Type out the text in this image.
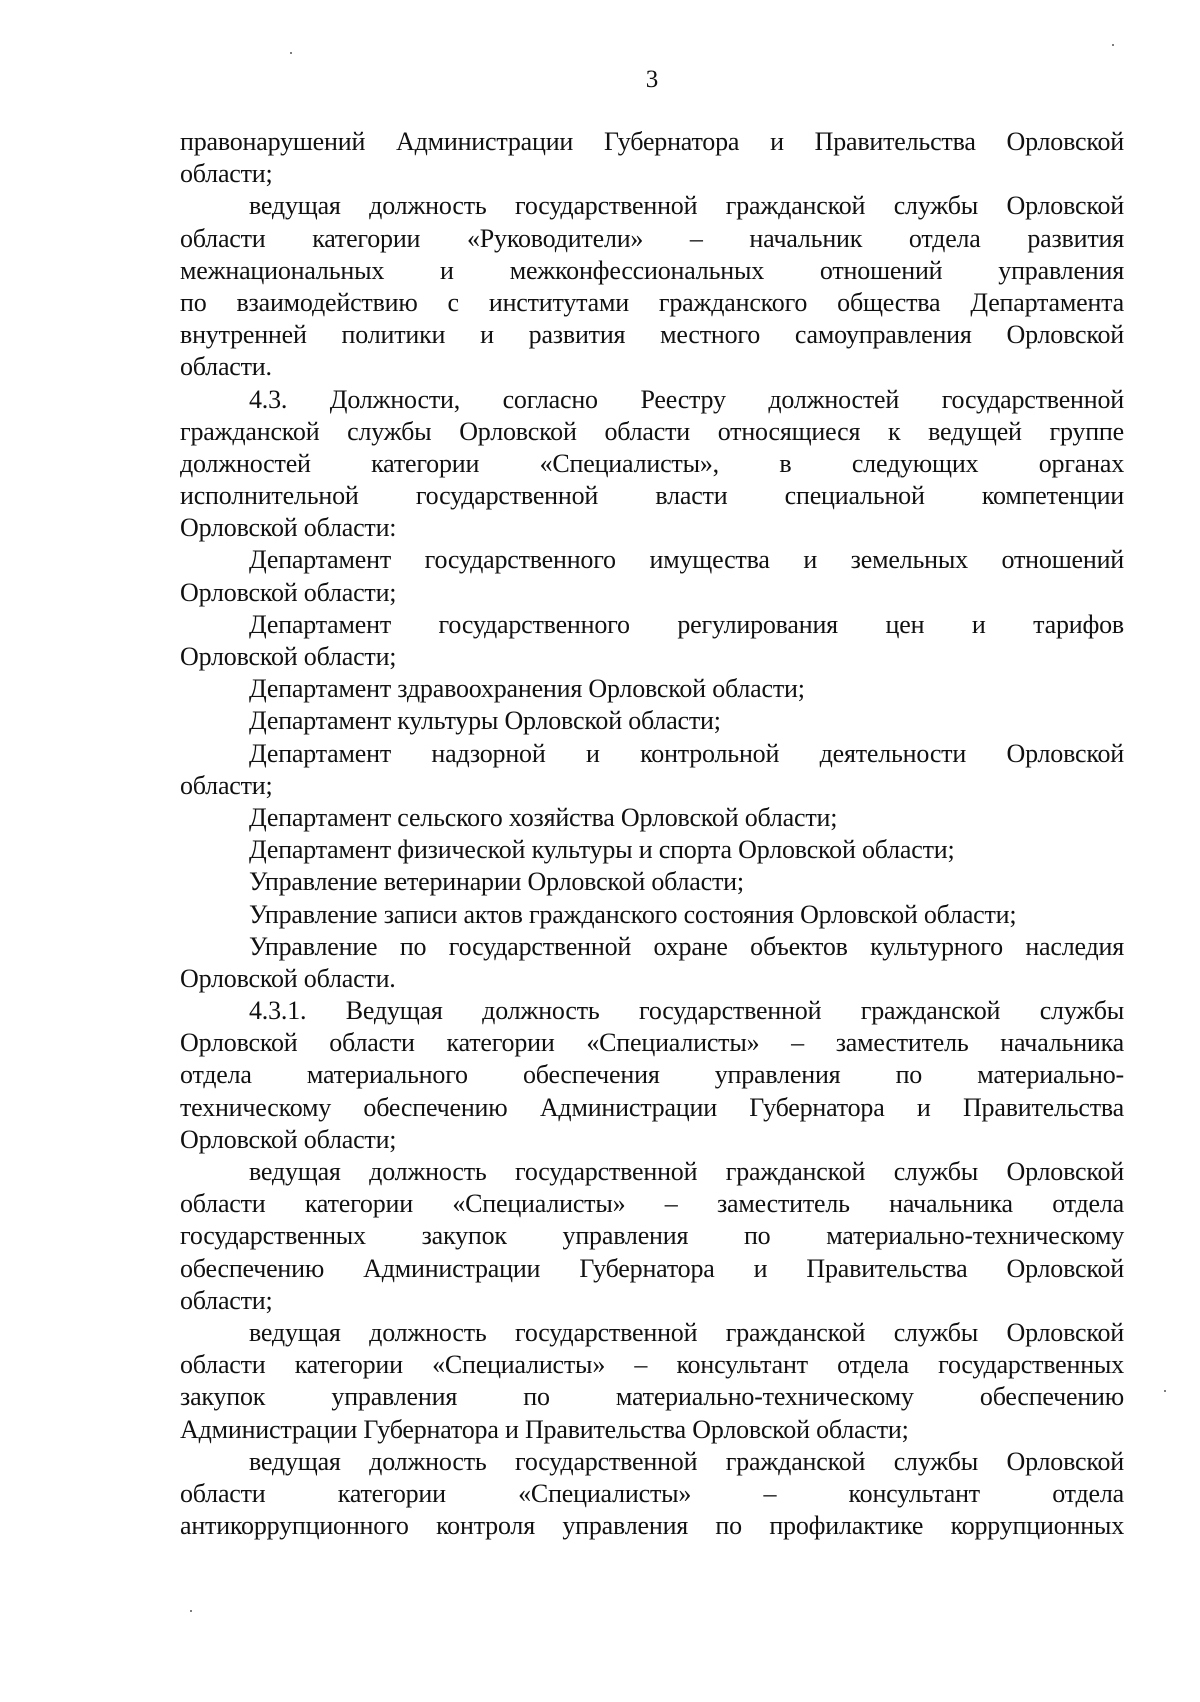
3
правонарушений Администрации Губернатора и Правительства Орловской
области;
ведущая должность государственной гражданской службы Орловской
области категории «Руководители» – начальник отдела развития
межнациональных и межконфессиональных отношений управления
по взаимодействию с институтами гражданского общества Департамента
внутренней политики и развития местного самоуправления Орловской
области.
4.3. Должности, согласно Реестру должностей государственной
гражданской службы Орловской области относящиеся к ведущей группе
должностей категории «Специалисты», в следующих органах
исполнительной государственной власти специальной компетенции
Орловской области:
Департамент государственного имущества и земельных отношений
Орловской области;
Департамент государственного регулирования цен и тарифов
Орловской области;
Департамент здравоохранения Орловской области;
Департамент культуры Орловской области;
Департамент надзорной и контрольной деятельности Орловской
области;
Департамент сельского хозяйства Орловской области;
Департамент физической культуры и спорта Орловской области;
Управление ветеринарии Орловской области;
Управление записи актов гражданского состояния Орловской области;
Управление по государственной охране объектов культурного наследия
Орловской области.
4.3.1. Ведущая должность государственной гражданской службы
Орловской области категории «Специалисты» – заместитель начальника
отдела материального обеспечения управления по материально-
техническому обеспечению Администрации Губернатора и Правительства
Орловской области;
ведущая должность государственной гражданской службы Орловской
области категории «Специалисты» – заместитель начальника отдела
государственных закупок управления по материально-техническому
обеспечению Администрации Губернатора и Правительства Орловской
области;
ведущая должность государственной гражданской службы Орловской
области категории «Специалисты» – консультант отдела государственных
закупок управления по материально-техническому обеспечению
Администрации Губернатора и Правительства Орловской области;
ведущая должность государственной гражданской службы Орловской
области категории «Специалисты» – консультант отдела
антикоррупционного контроля управления по профилактике коррупционных
